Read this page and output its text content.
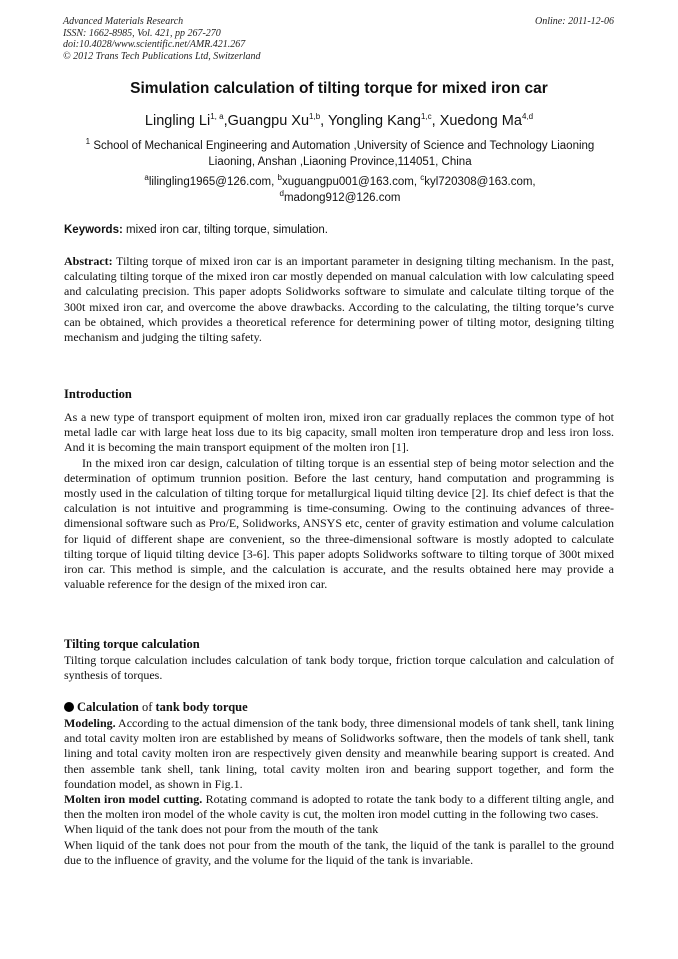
Advanced Materials Research
ISSN: 1662-8985, Vol. 421, pp 267-270
doi:10.4028/www.scientific.net/AMR.421.267
© 2012 Trans Tech Publications Ltd, Switzerland
Online: 2011-12-06
Simulation calculation of tilting torque for mixed iron car
Lingling Li$^{1, a}$,Guangpu Xu$^{1,b}$, Yongling Kang$^{1,c}$, Xuedong Ma$^{4,d}$
$^1$ School of Mechanical Engineering and Automation ,University of Science and Technology Liaoning Liaoning, Anshan ,Liaoning Province,114051, China
$^a$lilingling1965@126.com, $^b$xuguangpu001@163.com, $^c$kyl720308@163.com,
$^d$madong912@126.com
Keywords: mixed iron car, tilting torque, simulation.
Abstract: Tilting torque of mixed iron car is an important parameter in designing tilting mechanism. In the past, calculating tilting torque of the mixed iron car mostly depended on manual calculation with low calculating speed and calculating precision. This paper adopts Solidworks software to simulate and calculate tilting torque of the 300t mixed iron car, and overcome the above drawbacks. According to the calculating, the tilting torque’s curve can be obtained, which provides a theoretical reference for determining power of tilting motor, designing tilting mechanism and judging the tilting safety.
Introduction
As a new type of transport equipment of molten iron, mixed iron car gradually replaces the common type of hot metal ladle car with large heat loss due to its big capacity, small molten iron temperature drop and less iron loss. And it is becoming the main transport equipment of the molten iron [1].
In the mixed iron car design, calculation of tilting torque is an essential step of being motor selection and the determination of optimum trunnion position. Before the last century, hand computation and programming is mostly used in the calculation of tilting torque for metallurgical liquid tilting device [2]. Its chief defect is that the calculation is not intuitive and programming is time-consuming. Owing to the continuing advances of three-dimensional software such as Pro/E, Solidworks, ANSYS etc, center of gravity estimation and volume calculation for liquid of different shape are convenient, so the three-dimensional software is mostly adopted to calculate tilting torque of liquid tilting device [3-6]. This paper adopts Solidworks software to tilting torque of 300t mixed iron car. This method is simple, and the calculation is accurate, and the results obtained here may provide a valuable reference for the design of the mixed iron car.
Tilting torque calculation
Tilting torque calculation includes calculation of tank body torque, friction torque calculation and calculation of synthesis of torques.
Calculation of tank body torque
Modeling. According to the actual dimension of the tank body, three dimensional models of tank shell, tank lining and total cavity molten iron are established by means of Solidworks software, then the models of tank shell, tank lining and total cavity molten iron are respectively given density and meanwhile bearing support is created. And then assemble tank shell, tank lining, total cavity molten iron and bearing support together, and form the foundation model, as shown in Fig.1.
Molten iron model cutting. Rotating command is adopted to rotate the tank body to a different tilting angle, and then the molten iron model of the whole cavity is cut, the molten iron model cutting in the following two cases.
When liquid of the tank does not pour from the mouth of the tank
When liquid of the tank does not pour from the mouth of the tank, the liquid of the tank is parallel to the ground due to the influence of gravity, and the volume for the liquid of the tank is invariable.
